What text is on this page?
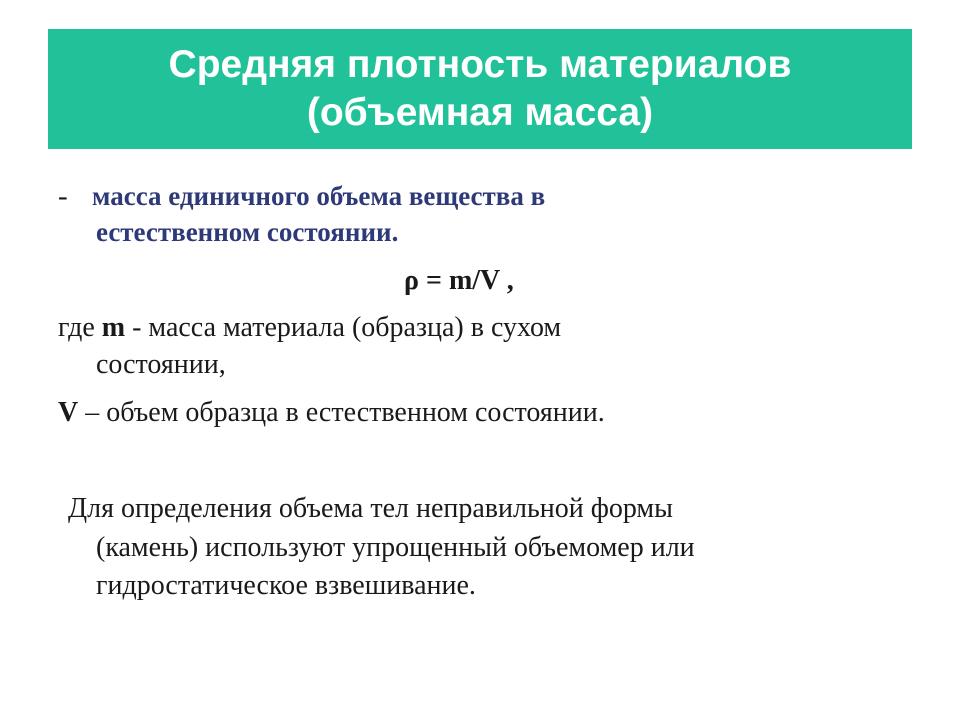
Средняя плотность материалов
(объемная масса)
- масса единичного объема вещества в
естественном состоянии.
ρ = m/V ,
где m - масса материала (образца) в сухом
состоянии,
V – объем образца в естественном состоянии.
Для определения объема тел неправильной формы
(камень) используют упрощенный объемомер или
гидростатическое взвешивание.
